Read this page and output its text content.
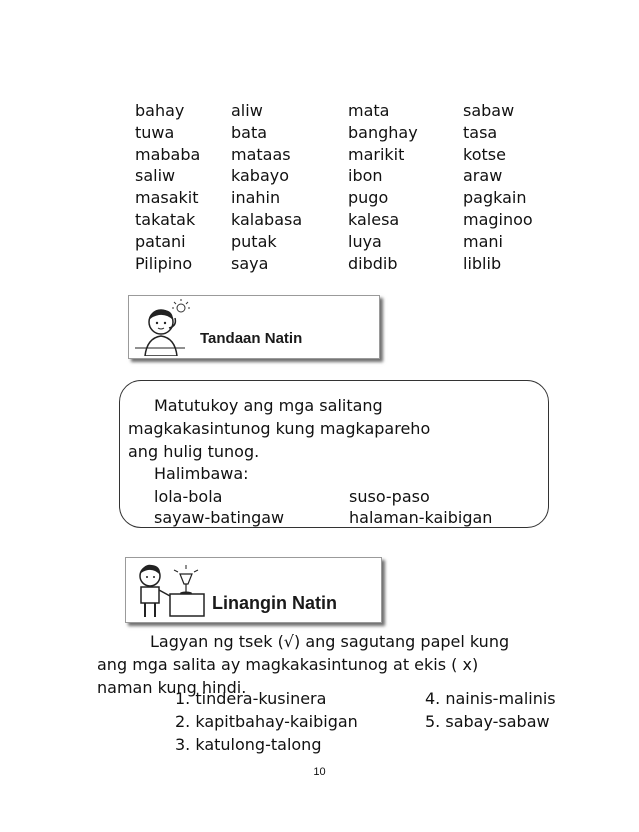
bahay
tuwa
mababa
saliw
masakit
takatak
patani
Pilipino
aliw
bata
mataas
kabayo
inahin
kalabasa
putak
saya
mata
banghay
marikit
ibon
pugo
kalesa
luya
dibdib
sabaw
tasa
kotse
araw
pagkain
maginoo
mani
liblib
Tandaan Natin
Matutukoy ang mga salitang
magkakasintunog kung magkapareho
ang hulig tunog.
Halimbawa:
lola-bola	suso-paso
sayaw-batingaw	halaman-kaibigan
Linangin Natin
Lagyan ng tsek (√) ang sagutang papel kung
ang mga salita ay magkakasintunog at ekis ( x)
naman kung hindi.
1. tindera-kusinera
2. kapitbahay-kaibigan
3. katulong-talong
4. nainis-malinis
5. sabay-sabaw
10
